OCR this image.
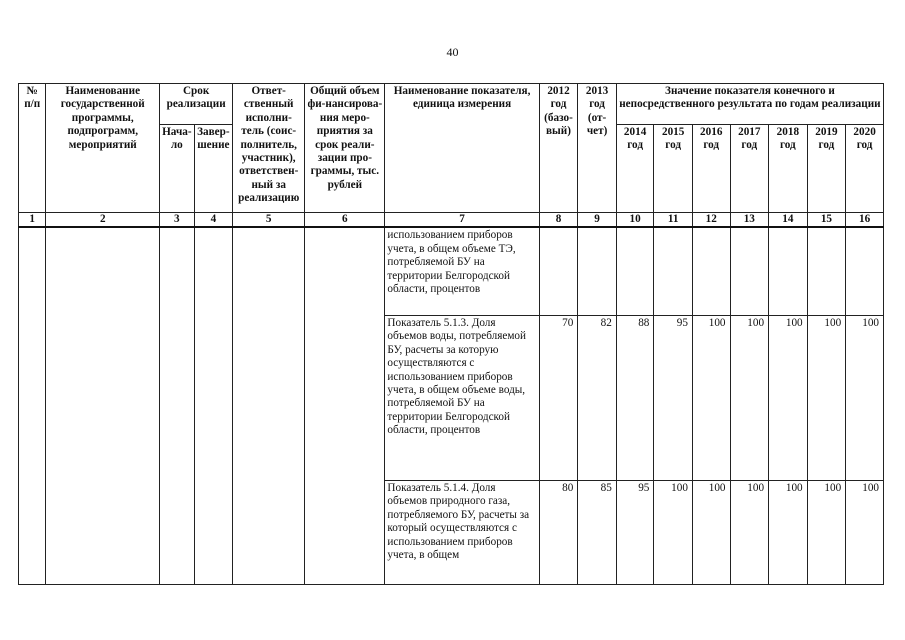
40
№ п/п	Наименование государственной программы, подпрограмм, мероприятий	Срок реализации		Ответ-ственный исполни-тель (соис-полнитель, участник), ответствен-ный за реализацию	Общий объем фи-нансирова-ния меро-приятия за срок реали-зации про-граммы, тыс. рублей	Наименование показателя, единица измерения	2012 год (базо-вый)	2013 год (от-чет)	Значение показателя конечного и непосредственного результата по годам реализации						
		Нача-ло	Завер-шение						2014 год	2015 год	2016 год	2017 год	2018 год	2019 год	2020 год
1	2	3	4	5	6	7	8	9	10	11	12	13	14	15	16
						использованием приборов учета, в общем объеме ТЭ, потребляемой БУ на территории Белгородской области, процентов									
						Показатель 5.1.3. Доля объемов воды, потребляемой БУ, расчеты за которую осуществляются с использованием приборов учета, в общем объеме воды, потребляемой БУ на территории Белгородской области, процентов	70	82	88	95	100	100	100	100	100
						Показатель 5.1.4. Доля объемов природного газа, потребляемого БУ, расчеты за который осуществляются с использованием приборов учета, в общем	80	85	95	100	100	100	100	100	100
